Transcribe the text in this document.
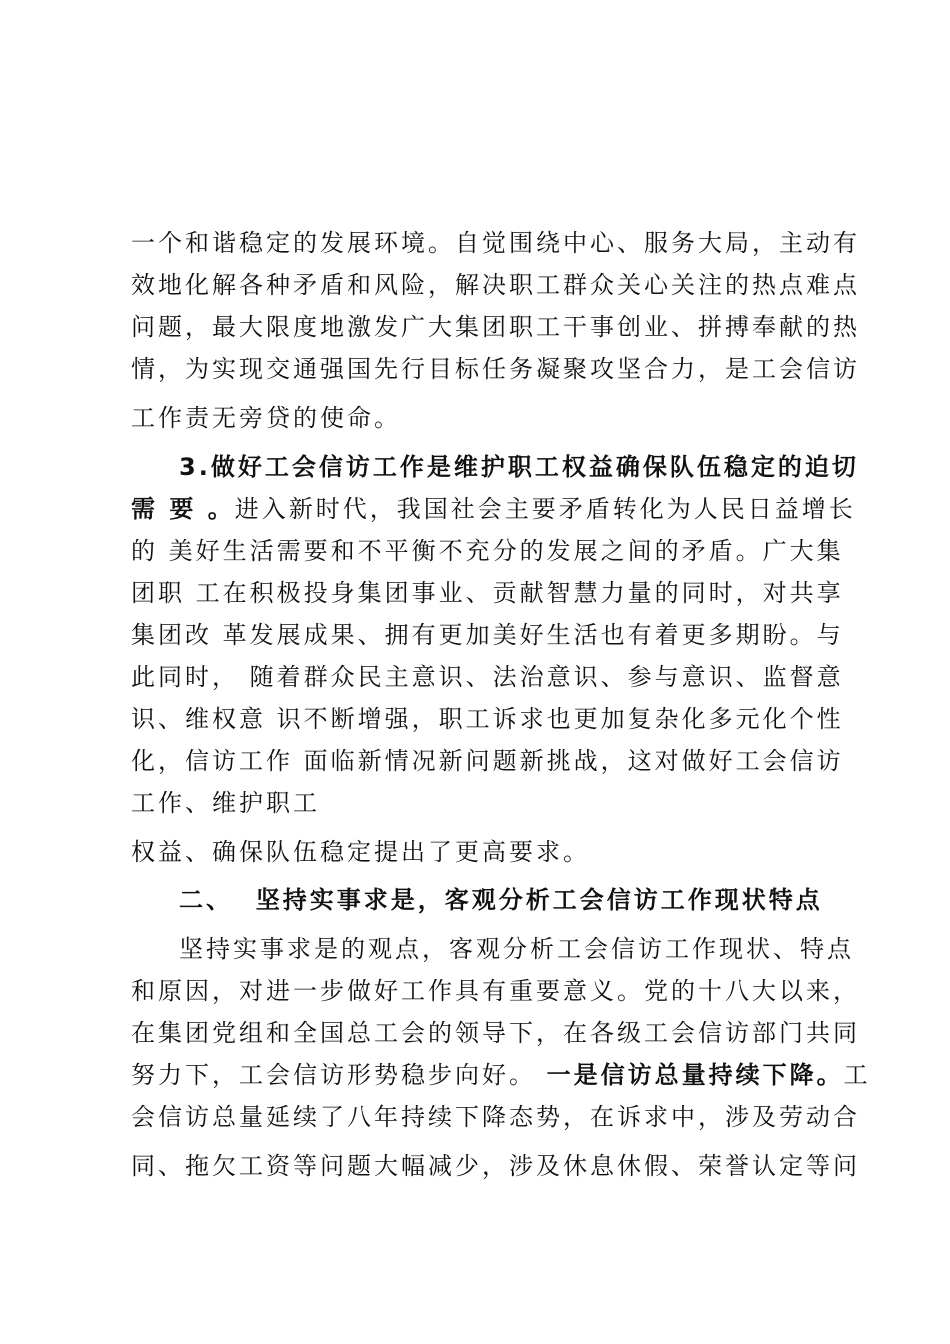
一个和谐稳定的发展环境。自觉围绕中心、服务大局，主动有
效地化解各种矛盾和风险，解决职工群众关心关注的热点难点
问题，最大限度地激发广大集团职工干事创业、拼搏奉献的热
情，为实现交通强国先行目标任务凝聚攻坚合力，是工会信访
工作责无旁贷的使命。
3.做好工会信访工作是维护职工权益确保队伍稳定的迫切
需 要 。进入新时代，我国社会主要矛盾转化为人民日益增长
的 美好生活需要和不平衡不充分的发展之间的矛盾。广大集
团职 工在积极投身集团事业、贡献智慧力量的同时，对共享
集团改 革发展成果、拥有更加美好生活也有着更多期盼。与
此同时， 随着群众民主意识、法治意识、参与意识、监督意
识、维权意 识不断增强，职工诉求也更加复杂化多元化个性
化，信访工作 面临新情况新问题新挑战，这对做好工会信访
工作、维护职工
权益、确保队伍稳定提出了更高要求。
二、 坚持实事求是，客观分析工会信访工作现状特点
坚持实事求是的观点，客观分析工会信访工作现状、特点
和原因，对进一步做好工作具有重要意义。党的十八大以来，
在集团党组和全国总工会的领导下，在各级工会信访部门共同
努力下，工会信访形势稳步向好。 一是信访总量持续下降。工
会信访总量延续了八年持续下降态势，在诉求中，涉及劳动合
同、拖欠工资等问题大幅减少，涉及休息休假、荣誉认定等问
